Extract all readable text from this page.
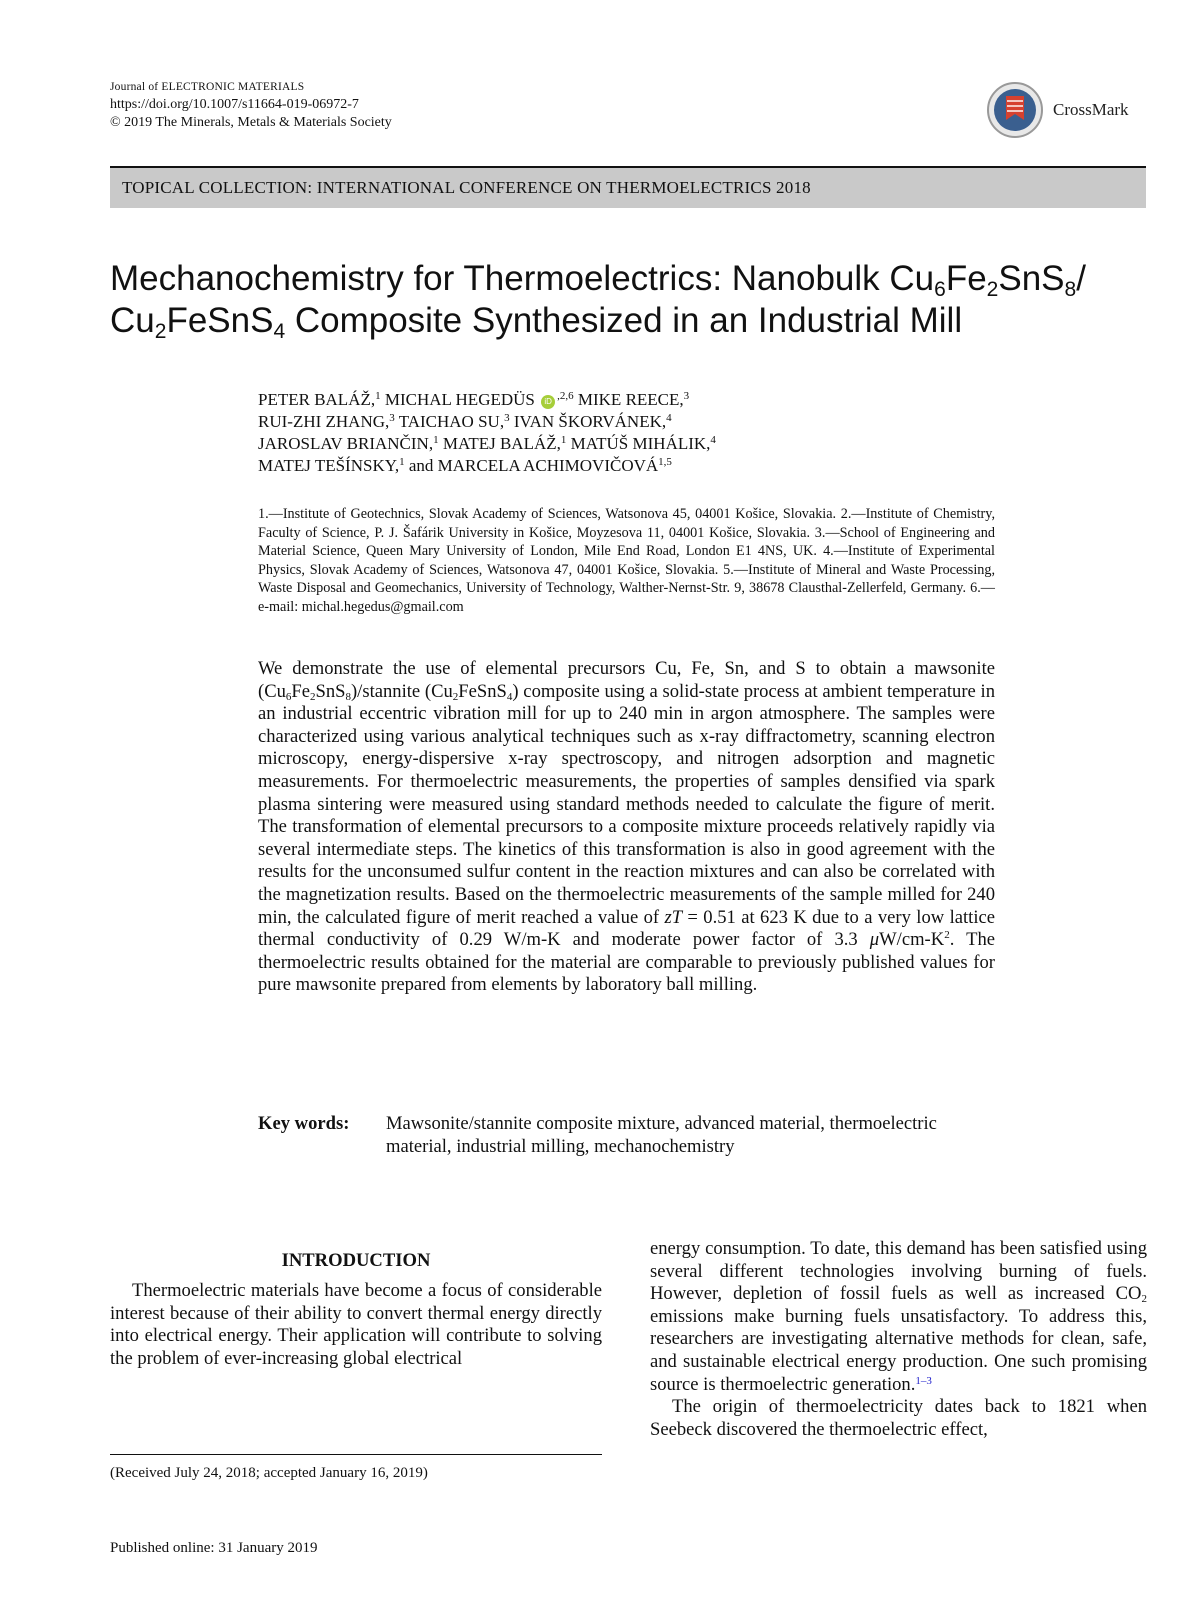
Journal of ELECTRONIC MATERIALS
https://doi.org/10.1007/s11664-019-06972-7
© 2019 The Minerals, Metals & Materials Society
CrossMark
TOPICAL COLLECTION: INTERNATIONAL CONFERENCE ON THERMOELECTRICS 2018
Mechanochemistry for Thermoelectrics: Nanobulk $Cu_6Fe_2SnS_8/$
$Cu_2FeSnS_4$ Composite Synthesized in an Industrial Mill
PETER BALÁŽ,$^1$ MICHAL HEGEDÜS iD $^{,2,6}$ MIKE REECE,$^3$
RUI-ZHI ZHANG,$^3$ TAICHAO SU,$^3$ IVAN ŠKORVÁNEK,$^4$
JAROSLAV BRIANČIN,$^1$ MATEJ BALÁŽ,$^1$ MATÚŠ MIHÁLIK,$^4$
MATEJ TEŠÍNSKY,$^1$ and MARCELA ACHIMOVIČOVÁ$^{1,5}$
1.—Institute of Geotechnics, Slovak Academy of Sciences, Watsonova 45, 04001 Košice, Slovakia. 2.—Institute of Chemistry, Faculty of Science, P. J. Šafárik University in Košice, Moyzesova 11, 04001 Košice, Slovakia. 3.—School of Engineering and Material Science, Queen Mary University of London, Mile End Road, London E1 4NS, UK. 4.—Institute of Experimental Physics, Slovak Academy of Sciences, Watsonova 47, 04001 Košice, Slovakia. 5.—Institute of Mineral and Waste Processing, Waste Disposal and Geomechanics, University of Technology, Walther-Nernst-Str. 9, 38678 Clausthal-Zellerfeld, Germany. 6.—e-mail: michal.hegedus@gmail.com
We demonstrate the use of elemental precursors Cu, Fe, Sn, and S to obtain a mawsonite $(Cu_6Fe_2SnS_8)$/stannite $(Cu_2FeSnS_4)$ composite using a solid-state process at ambient temperature in an industrial eccentric vibration mill for up to 240 min in argon atmosphere. The samples were characterized using various analytical techniques such as x-ray diffractometry, scanning electron microscopy, energy-dispersive x-ray spectroscopy, and nitrogen adsorption and magnetic measurements. For thermoelectric measurements, the properties of samples densified via spark plasma sintering were measured using standard methods needed to calculate the figure of merit. The transformation of elemental precursors to a composite mixture proceeds relatively rapidly via several intermediate steps. The kinetics of this transformation is also in good agreement with the results for the unconsumed sulfur content in the reaction mixtures and can also be correlated with the magnetization results. Based on the thermoelectric measurements of the sample milled for 240 min, the calculated figure of merit reached a value of zT = 0.51 at 623 K due to a very low lattice thermal conductivity of 0.29 W/m-K and moderate power factor of 3.3 $\mu W/cm-K^2$. The thermoelectric results obtained for the material are comparable to previously published values for pure mawsonite prepared from elements by laboratory ball milling.
Key words: Mawsonite/stannite composite mixture, advanced material, thermoelectric material, industrial milling, mechanochemistry
INTRODUCTION

Thermoelectric materials have become a focus of considerable interest because of their ability to convert thermal energy directly into electrical energy. Their application will contribute to solving the problem of ever-increasing global electrical

energy consumption. To date, this demand has been satisfied using several different technologies involving burning of fuels. However, depletion of fossil fuels as well as increased $CO_2$ emissions make burning fuels unsatisfactory. To address this, researchers are investigating alternative methods for clean, safe, and sustainable electrical energy production. One such promising source is thermoelectric generation.$^{1-3}$

The origin of thermoelectricity dates back to 1821 when Seebeck discovered the thermoelectric effect,

(Received July 24, 2018; accepted January 16, 2019)
Published online: 31 January 2019
